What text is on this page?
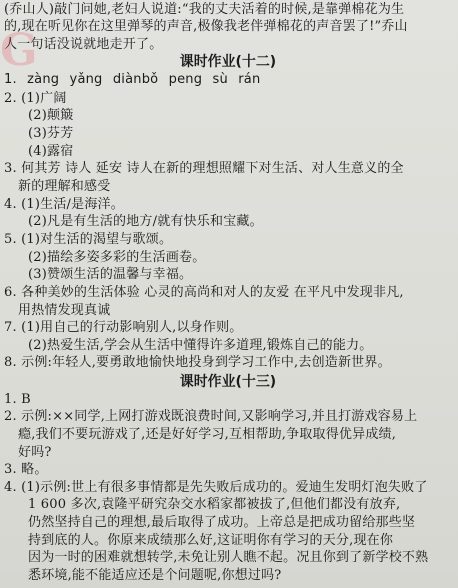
G
(乔山人)敲门问她,老妇人说道:“我的丈夫活着的时候,是靠弹棉花为生
的,现在听见你在这里弹琴的声音,极像我老伴弹棉花的声音罢了!”乔山
人一句话没说就地走开了。
课时作业(十二)
1. zàng yǎng diànbǒ peng sù rán
2. (1)广阔
(2)颠簸
(3)芬芳
(4)露宿
3. 何其芳 诗人 延安 诗人在新的理想照耀下对生活、对人生意义的全
新的理解和感受
4. (1)生活/是海洋。
(2)凡是有生活的地方/就有快乐和宝藏。
5. (1)对生活的渴望与歌颂。
(2)描绘多姿多彩的生活画卷。
(3)赞颂生活的温馨与幸福。
6. 各种美妙的生活体验 心灵的高尚和对人的友爱 在平凡中发现非凡,
用热情发现真诚
7. (1)用自己的行动影响别人,以身作则。
(2)热爱生活,学会从生活中懂得许多道理,锻炼自己的能力。
8. 示例:年轻人,要勇敢地愉快地投身到学习工作中,去创造新世界。
课时作业(十三)
1. B
2. 示例:××同学,上网打游戏既浪费时间,又影响学习,并且打游戏容易上
瘾,我们不要玩游戏了,还是好好学习,互相帮助,争取取得优异成绩,
好吗?
3. 略。
4. (1)示例:世上有很多事情都是先失败后成功的。爱迪生发明灯泡失败了
1 600 多次,袁隆平研究杂交水稻家都被拔了,但他们都没有放弃,
仍然坚持自己的理想,最后取得了成功。上帝总是把成功留给那些坚
持到底的人。你原来成绩那么好,这证明你有学习的天分,现在你
因为一时的困难就想转学,未免让别人瞧不起。况且你到了新学校不熟
悉环境,能不能适应还是个问题呢,你想过吗?
